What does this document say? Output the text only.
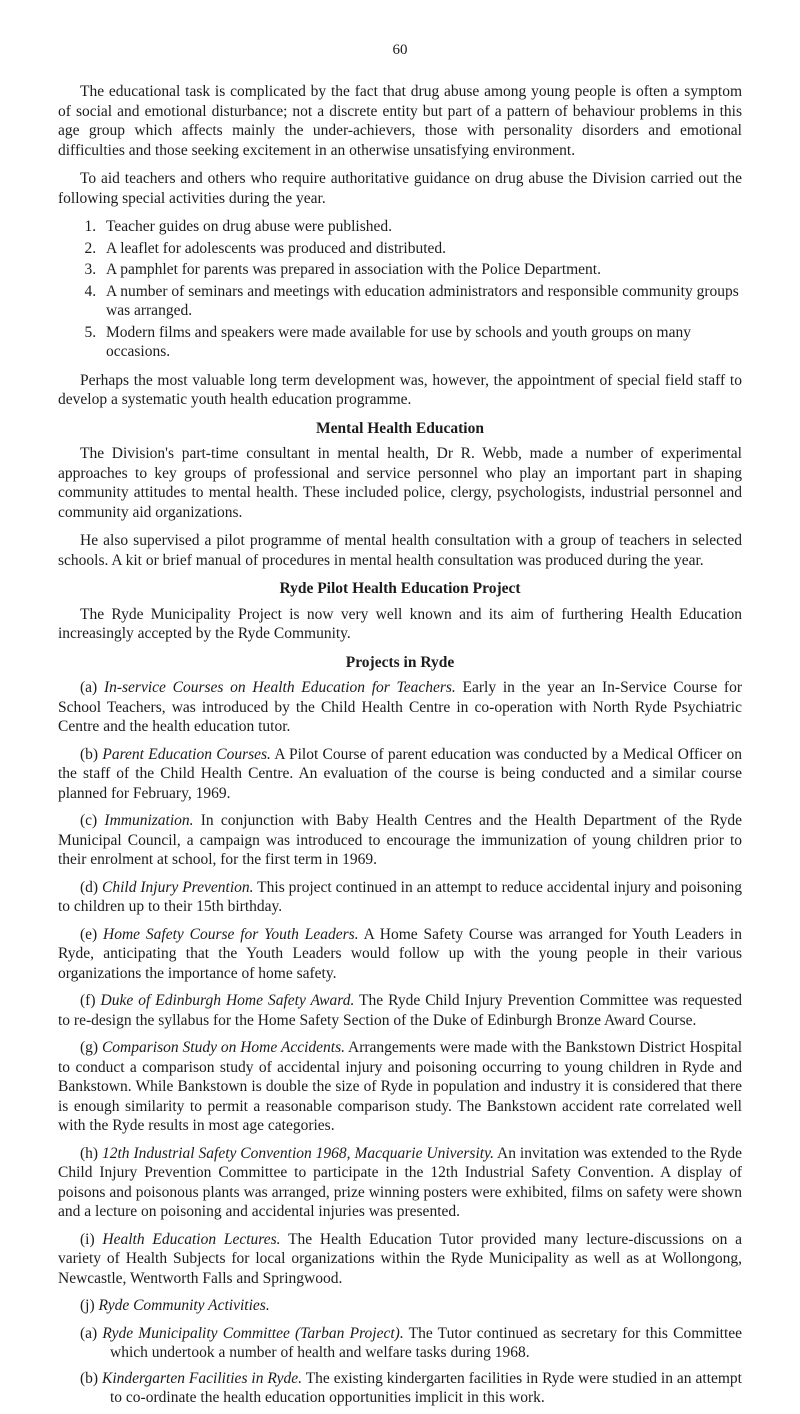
60

The educational task is complicated by the fact that drug abuse among young people is often a symptom of social and emotional disturbance; not a discrete entity but part of a pattern of behaviour problems in this age group which affects mainly the under-achievers, those with personality disorders and emotional difficulties and those seeking excitement in an otherwise unsatisfying environment.

To aid teachers and others who require authoritative guidance on drug abuse the Division carried out the following special activities during the year.

1. Teacher guides on drug abuse were published.
2. A leaflet for adolescents was produced and distributed.
3. A pamphlet for parents was prepared in association with the Police Department.
4. A number of seminars and meetings with education administrators and responsible community groups was arranged.
5. Modern films and speakers were made available for use by schools and youth groups on many occasions.

Perhaps the most valuable long term development was, however, the appointment of special field staff to develop a systematic youth health education programme.

Mental Health Education

The Division's part-time consultant in mental health, Dr R. Webb, made a number of experimental approaches to key groups of professional and service personnel who play an important part in shaping community attitudes to mental health. These included police, clergy, psychologists, industrial personnel and community aid organizations.

He also supervised a pilot programme of mental health consultation with a group of teachers in selected schools. A kit or brief manual of procedures in mental health consultation was produced during the year.

Ryde Pilot Health Education Project

The Ryde Municipality Project is now very well known and its aim of furthering Health Education increasingly accepted by the Ryde Community.

Projects in Ryde
(a) In-service Courses on Health Education for Teachers. Early in the year an In-Service Course for School Teachers, was introduced by the Child Health Centre in co-operation with North Ryde Psychiatric Centre and the health education tutor.
(b) Parent Education Courses. A Pilot Course of parent education was conducted by a Medical Officer on the staff of the Child Health Centre. An evaluation of the course is being conducted and a similar course planned for February, 1969.
(c) Immunization. In conjunction with Baby Health Centres and the Health Department of the Ryde Municipal Council, a campaign was introduced to encourage the immunization of young children prior to their enrolment at school, for the first term in 1969.
(d) Child Injury Prevention. This project continued in an attempt to reduce accidental injury and poisoning to children up to their 15th birthday.
(e) Home Safety Course for Youth Leaders. A Home Safety Course was arranged for Youth Leaders in Ryde, anticipating that the Youth Leaders would follow up with the young people in their various organizations the importance of home safety.
(f) Duke of Edinburgh Home Safety Award. The Ryde Child Injury Prevention Committee was requested to re-design the syllabus for the Home Safety Section of the Duke of Edinburgh Bronze Award Course.
(g) Comparison Study on Home Accidents. Arrangements were made with the Bankstown District Hospital to conduct a comparison study of accidental injury and poisoning occurring to young children in Ryde and Bankstown. While Bankstown is double the size of Ryde in population and industry it is considered that there is enough similarity to permit a reasonable comparison study. The Bankstown accident rate correlated well with the Ryde results in most age categories.
(h) 12th Industrial Safety Convention 1968, Macquarie University. An invitation was extended to the Ryde Child Injury Prevention Committee to participate in the 12th Industrial Safety Convention. A display of poisons and poisonous plants was arranged, prize winning posters were exhibited, films on safety were shown and a lecture on poisoning and accidental injuries was presented.
(i) Health Education Lectures. The Health Education Tutor provided many lecture-discussions on a variety of Health Subjects for local organizations within the Ryde Municipality as well as at Wollongong, Newcastle, Wentworth Falls and Springwood.
(j) Ryde Community Activities.
(a) Ryde Municipality Committee (Tarban Project). The Tutor continued as secretary for this Committee which undertook a number of health and welfare tasks during 1968.
(b) Kindergarten Facilities in Ryde. The existing kindergarten facilities in Ryde were studied in an attempt to co-ordinate the health education opportunities implicit in this work.
